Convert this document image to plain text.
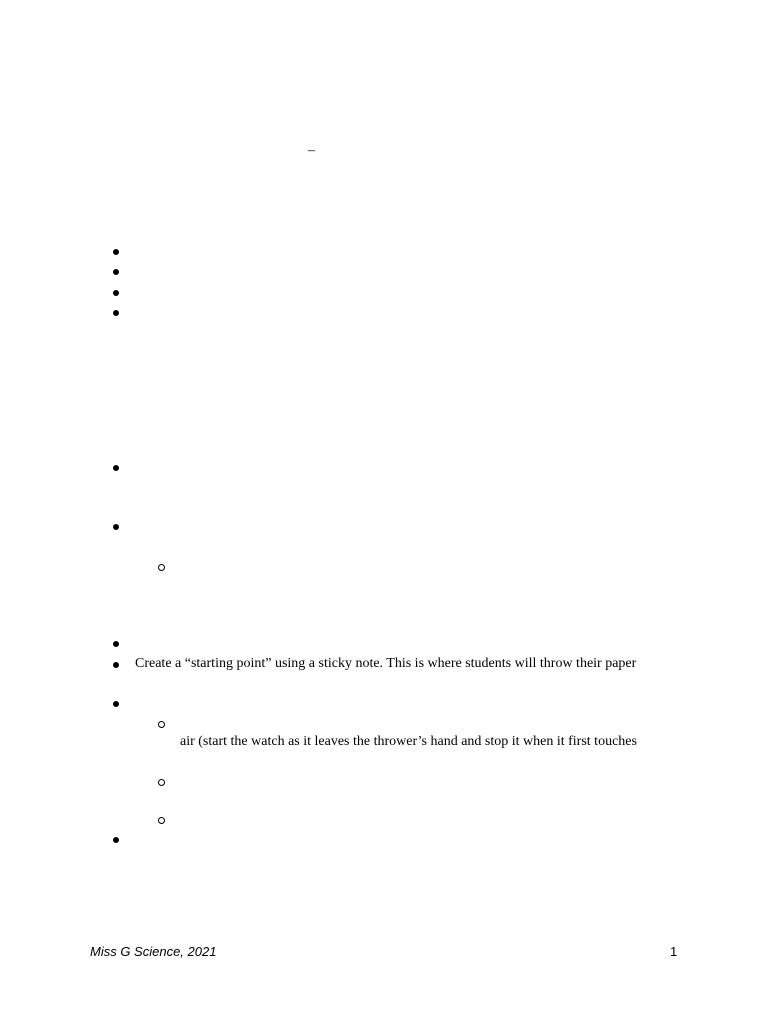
–
Create a “starting point” using a sticky note. This is where students will throw their paper
air (start the watch as it leaves the thrower’s hand and stop it when it first touches
Miss G Science, 2021	1
